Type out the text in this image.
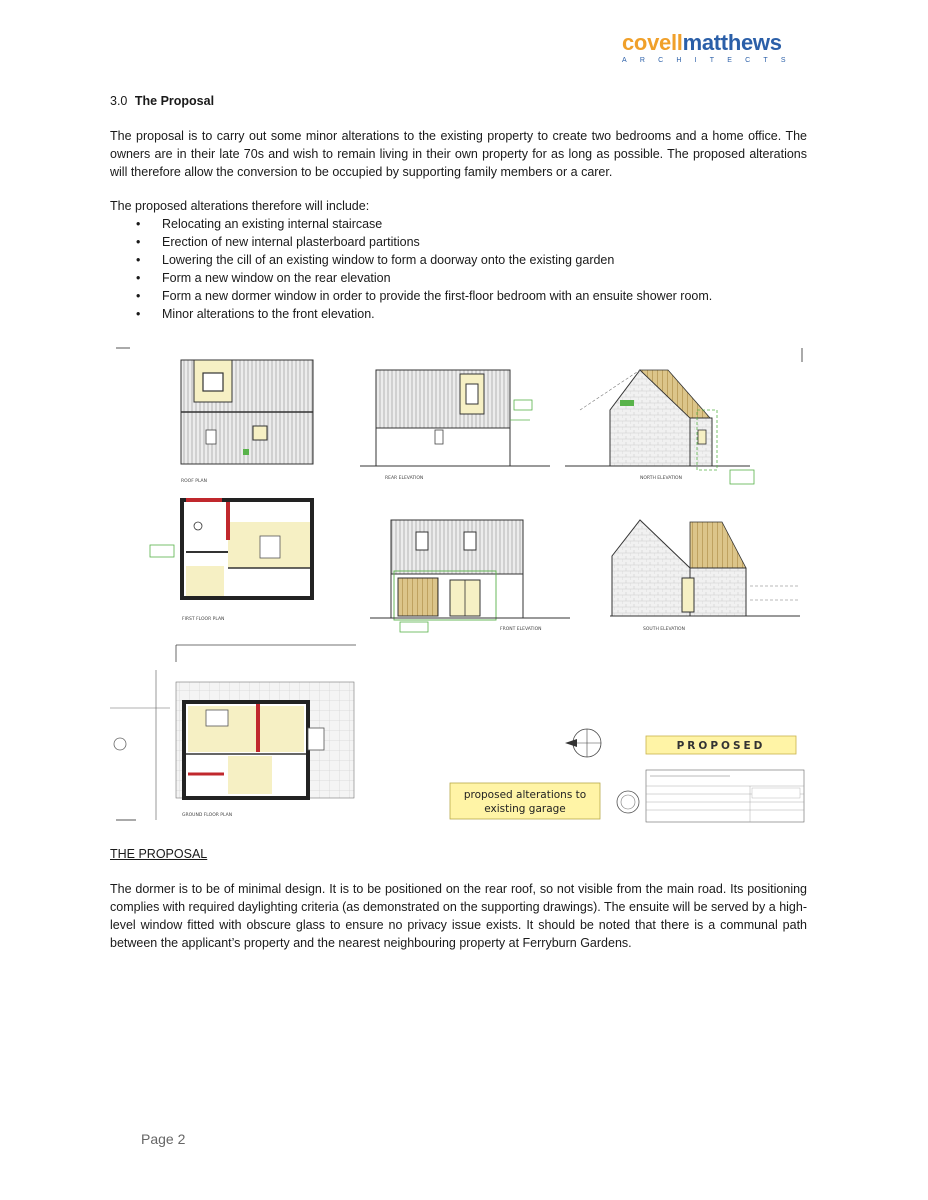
covellmatthews
ARCHITECTS
3.0 The Proposal

The proposal is to carry out some minor alterations to the existing property to create two bedrooms and a home office. The owners are in their late 70s and wish to remain living in their own property for as long as possible. The proposed alterations will therefore allow the conversion to be occupied by supporting family members or a carer.

The proposed alterations therefore will include:

• Relocating an existing internal staircase
• Erection of new internal plasterboard partitions
• Lowering the cill of an existing window to form a doorway onto the existing garden
• Form a new window on the rear elevation
• Form a new dormer window in order to provide the first-floor bedroom with an ensuite shower room.
• Minor alterations to the front elevation.
ROOF PLAN
REAR ELEVATION	NORTH ELEVATION
FIRST FLOOR PLAN
FRONT ELEVATION	SOUTH ELEVATION
GROUND FLOOR PLAN
PROPOSED
proposed alterations to
existing garage
THE PROPOSAL

The dormer is to be of minimal design. It is to be positioned on the rear roof, so not visible from the main road. Its positioning complies with required daylighting criteria (as demonstrated on the supporting drawings). The ensuite will be served by a high-level window fitted with obscure glass to ensure no privacy issue exists. It should be noted that there is a communal path between the applicant’s property and the nearest neighbouring property at Ferryburn Gardens.

Page 2
